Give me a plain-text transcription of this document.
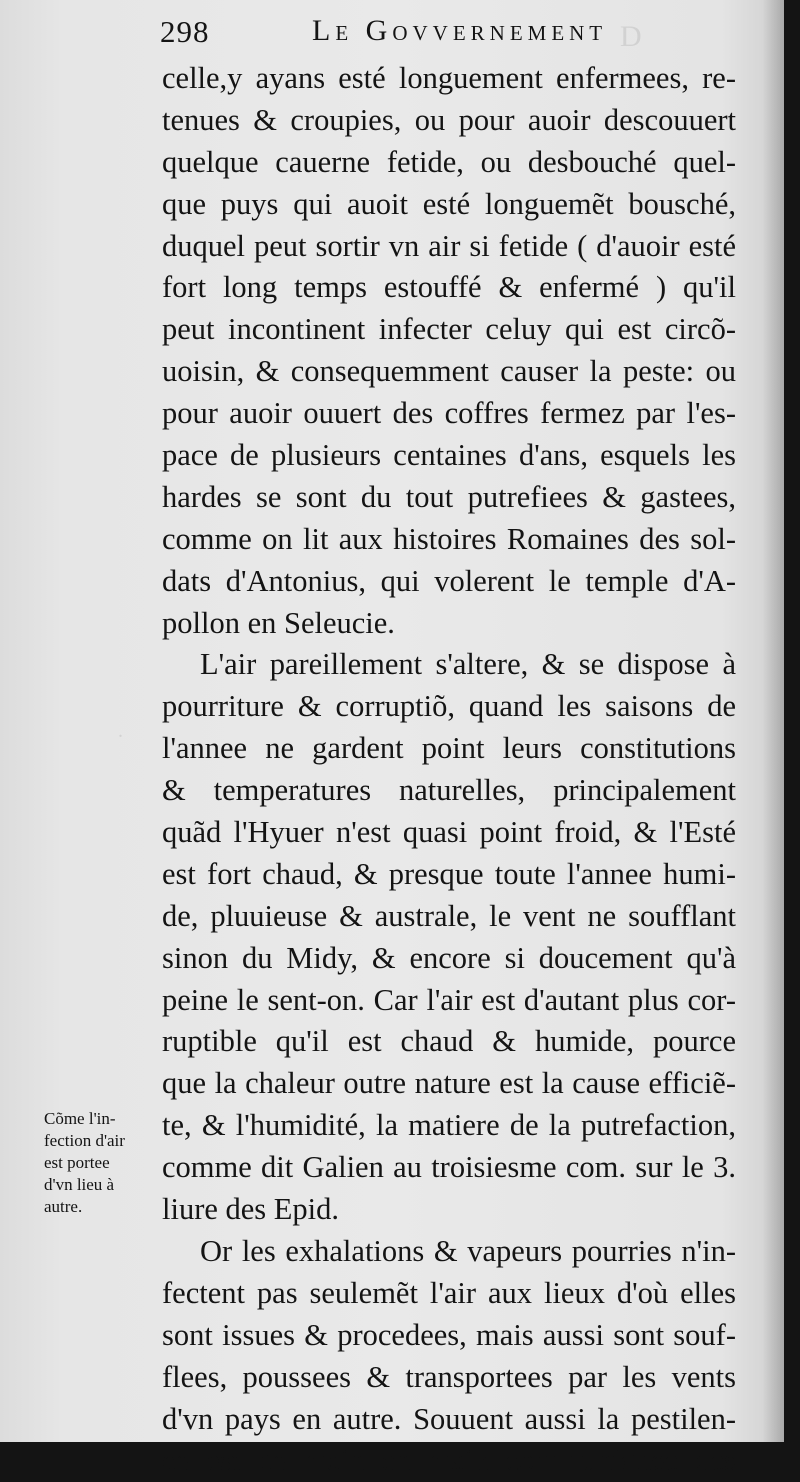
D
.
298	Le Govvernement
celle,y ayans esté longuement enfermees, re-
tenues & croupies, ou pour auoir descouuert
quelque cauerne fetide, ou desbouché quel-
que puys qui auoit esté longuemẽt bousché,
duquel peut sortir vn air si fetide ( d'auoir esté
fort long temps estouffé & enfermé ) qu'il
peut incontinent infecter celuy qui est circõ-
uoisin, & consequemment causer la peste: ou
pour auoir ouuert des coffres fermez par l'es-
pace de plusieurs centaines d'ans, esquels les
hardes se sont du tout putrefiees & gastees,
comme on lit aux histoires Romaines des sol-
dats d'Antonius, qui volerent le temple d'A-
pollon en Seleucie.
L'air pareillement s'altere, & se dispose à
pourriture & corruptiõ, quand les saisons de
l'annee ne gardent point leurs constitutions
& temperatures naturelles, principalement
quãd l'Hyuer n'est quasi point froid, & l'Esté
est fort chaud, & presque toute l'annee humi-
de, pluuieuse & australe, le vent ne soufflant
sinon du Midy, & encore si doucement qu'à
peine le sent-on. Car l'air est d'autant plus cor-
ruptible qu'il est chaud & humide, pource
que la chaleur outre nature est la cause efficiẽ-
te, & l'humidité, la matiere de la putrefaction,
comme dit Galien au troisiesme com. sur le 3.
liure des Epid.
Or les exhalations & vapeurs pourries n'in-
fectent pas seulemẽt l'air aux lieux d'où elles
sont issues & procedees, mais aussi sont souf-
flees, poussees & transportees par les vents
d'vn pays en autre. Souuent aussi la pestilen-
ce est de main en main communiquee des
Cõme l'in-
fection d'air
est portee
d'vn lieu à
autre.
